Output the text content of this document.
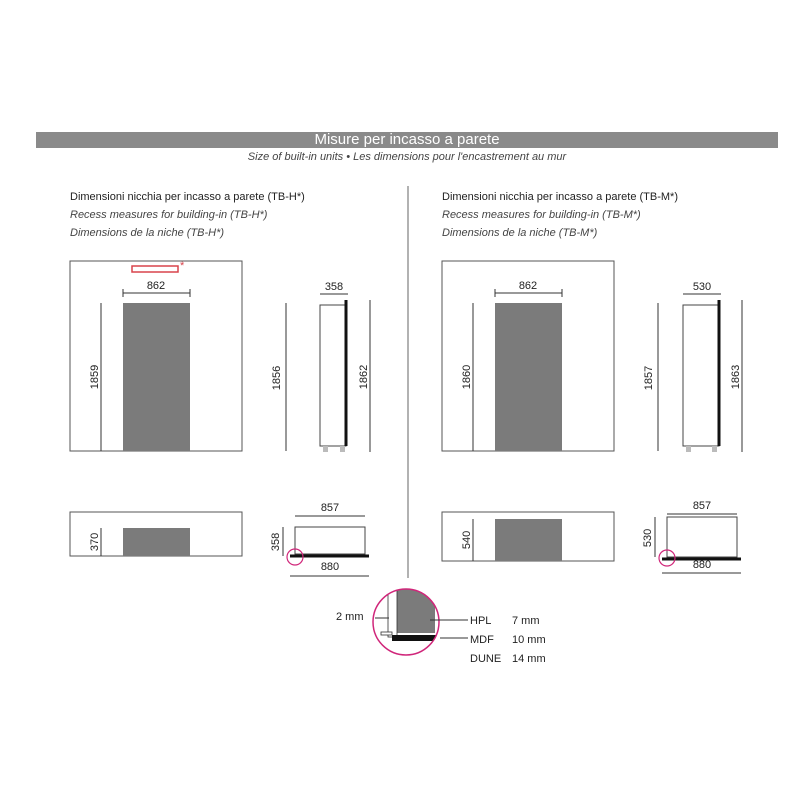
Misure per incasso a parete
Size of built-in units • Les dimensions pour l'encastrement au mur
Dimensioni nicchia per incasso a parete (TB-H*)
Recess measures for building-in (TB-H*)
Dimensions de la niche (TB-H*)
Dimensioni nicchia per incasso a parete (TB-M*)
Recess measures for building-in (TB-M*)
Dimensions de la niche (TB-M*)
*
862
1859	1856
358
1862
370
857
358
880
862
1860	1857
530
1863
540
857
530
880
2 mm	HPL	7 mm
MDF	10 mm
DUNE 14 mm
